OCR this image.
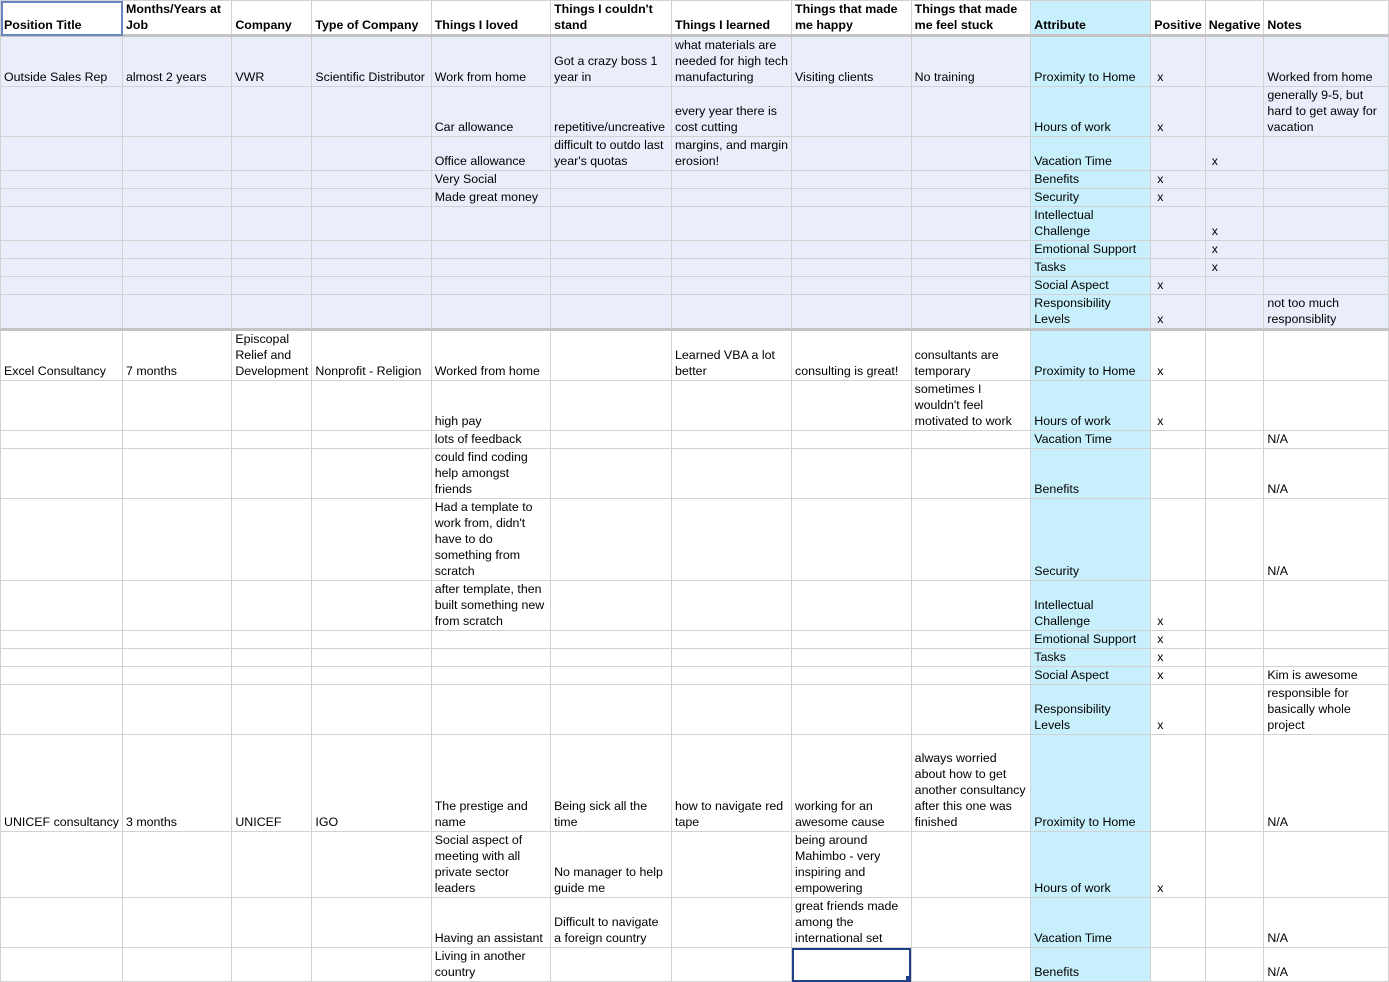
Position Title	Months/Years at Job	Company	Type of Company	Things I loved	Things I couldn't stand	Things I learned	Things that made me happy	Things that made me feel stuck	Attribute	Positive	Negative	Notes
Outside Sales Rep	almost 2 years	VWR	Scientific Distributor	Work from home	Got a crazy boss 1 year in	what materials are needed for high tech manufacturing	Visiting clients	No training	Proximity to Home	x		Worked from home
				Car allowance	repetitive/uncreative	every year there is cost cutting			Hours of work	x		generally 9-5, but hard to get away for vacation
				Office allowance	difficult to outdo last year's quotas	margins, and margin erosion!			Vacation Time		x	
				Very Social					Benefits	x		
				Made great money					Security	x		
									Intellectual Challenge		x	
									Emotional Support		x	
									Tasks		x	
									Social Aspect	x		
									Responsibility Levels	x		not too much responsiblity
Excel Consultancy	7 months	Episcopal Relief and Development	Nonprofit - Religion	Worked from home		Learned VBA a lot better	consulting is great!	consultants are temporary	Proximity to Home	x		
				high pay				sometimes I wouldn't feel motivated to work	Hours of work	x		
				lots of feedback					Vacation Time			N/A
				could find coding help amongst friends					Benefits			N/A
				Had a template to work from, didn't have to do something from scratch					Security			N/A
				after template, then built something new from scratch					Intellectual Challenge	x		
									Emotional Support	x		
									Tasks	x		
									Social Aspect	x		Kim is awesome
									Responsibility Levels	x		responsible for basically whole project
UNICEF consultancy	3 months	UNICEF	IGO	The prestige and name	Being sick all the time	how to navigate red tape	working for an awesome cause	always worried about how to get another consultancy after this one was finished	Proximity to Home			N/A
				Social aspect of meeting with all private sector leaders	No manager to help guide me		being around Mahimbo - very inspiring and empowering		Hours of work	x		
				Having an assistant	Difficult to navigate a foreign country		great friends made among the international set		Vacation Time			N/A
				Living in another country					Benefits			N/A
